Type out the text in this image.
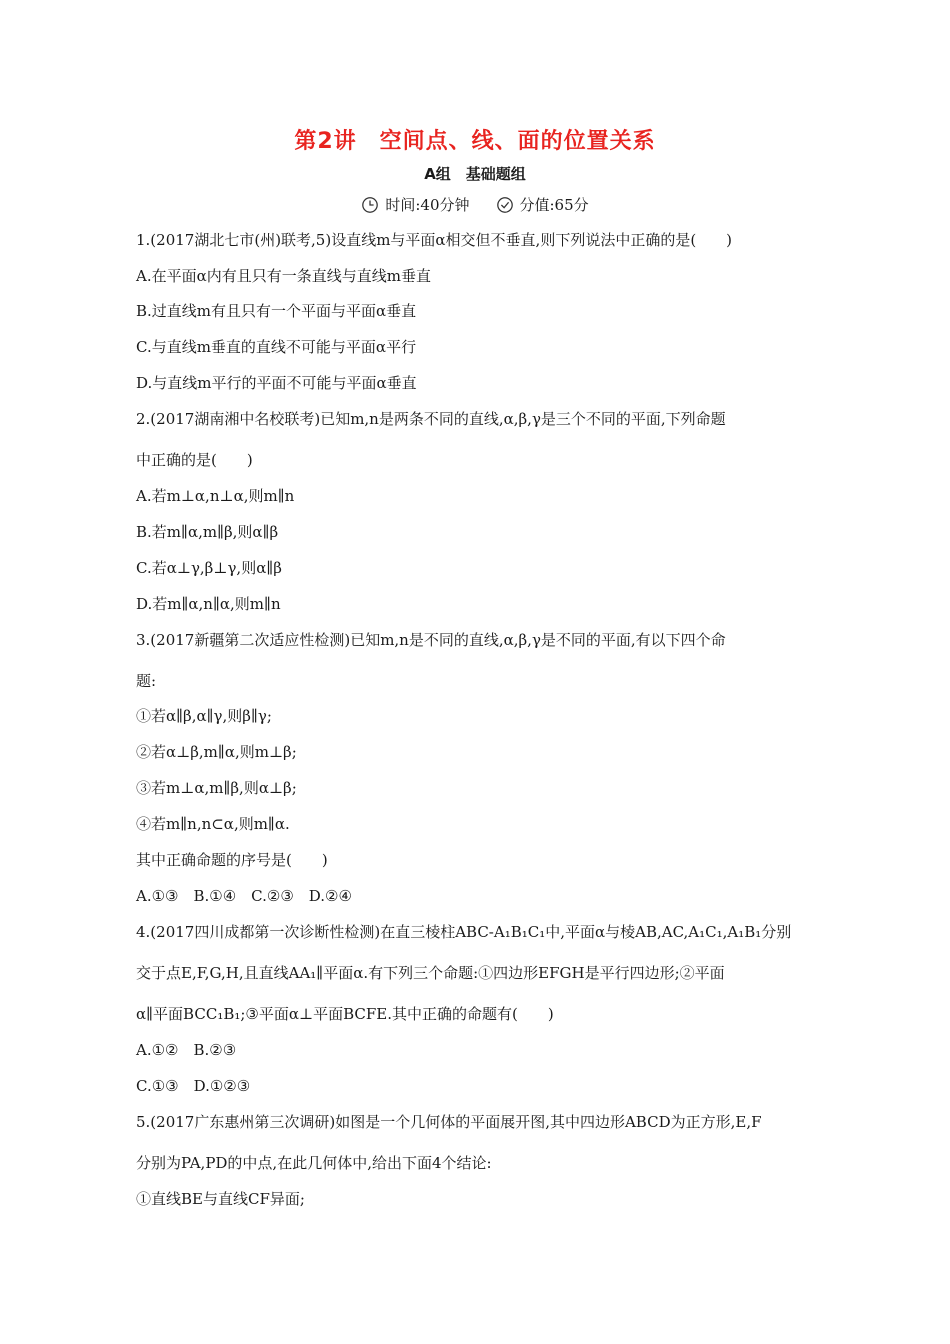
第2讲　空间点、线、面的位置关系
A组　基础题组
时间:40分钟	分值:65分
1.(2017湖北七市(州)联考,5)设直线m与平面α相交但不垂直,则下列说法中正确的是(　　)
A.在平面α内有且只有一条直线与直线m垂直
B.过直线m有且只有一个平面与平面α垂直
C.与直线m垂直的直线不可能与平面α平行
D.与直线m平行的平面不可能与平面α垂直
2.(2017湖南湘中名校联考)已知m,n是两条不同的直线,α,β,γ是三个不同的平面,下列命题
中正确的是(　　)
A.若m⊥α,n⊥α,则m∥n
B.若m∥α,m∥β,则α∥β
C.若α⊥γ,β⊥γ,则α∥β
D.若m∥α,n∥α,则m∥n
3.(2017新疆第二次适应性检测)已知m,n是不同的直线,α,β,γ是不同的平面,有以下四个命
题:
①若α∥β,α∥γ,则β∥γ;
②若α⊥β,m∥α,则m⊥β;
③若m⊥α,m∥β,则α⊥β;
④若m∥n,n⊂α,则m∥α.
其中正确命题的序号是(　　)
A.①③　B.①④　C.②③　D.②④
4.(2017四川成都第一次诊断性检测)在直三棱柱ABC-A₁B₁C₁中,平面α与棱AB,AC,A₁C₁,A₁B₁分别
交于点E,F,G,H,且直线AA₁∥平面α.有下列三个命题:①四边形EFGH是平行四边形;②平面
α∥平面BCC₁B₁;③平面α⊥平面BCFE.其中正确的命题有(　　)
A.①②　B.②③
C.①③　D.①②③
5.(2017广东惠州第三次调研)如图是一个几何体的平面展开图,其中四边形ABCD为正方形,E,F
分别为PA,PD的中点,在此几何体中,给出下面4个结论:
①直线BE与直线CF异面;
